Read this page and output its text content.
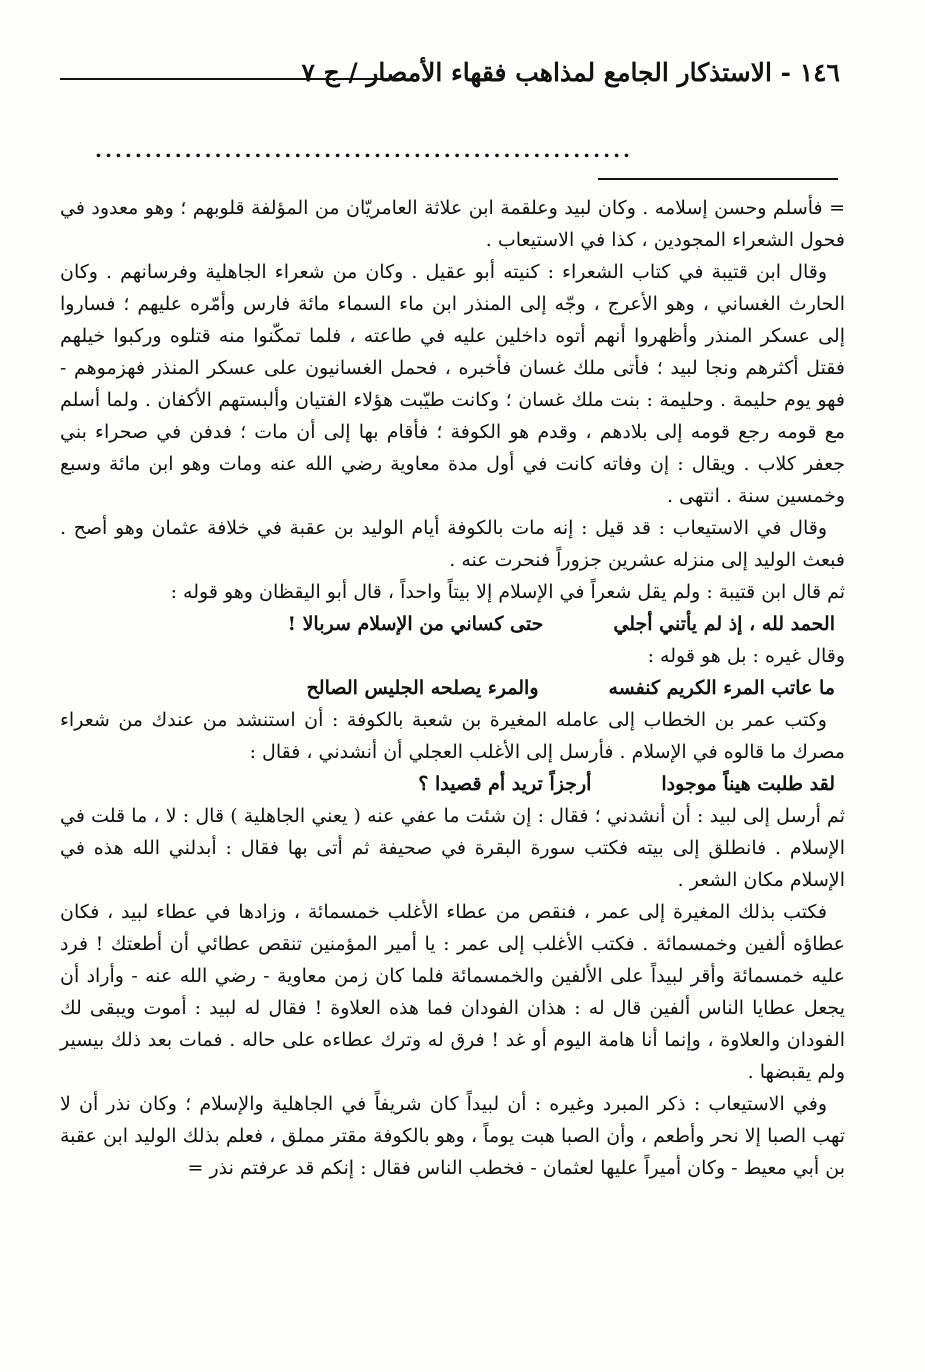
١٤٦ - الاستذكار الجامع لمذاهب فقهاء الأمصار / ج ٧
......................................................

= فأسلم وحسن إسلامه . وكان لبيد وعلقمة ابن علاثة العامريّان من المؤلفة قلوبهم ؛ وهو معدود في فحول الشعراء المجودين ، كذا في الاستيعاب .

وقال ابن قتيبة في كتاب الشعراء : كنيته أبو عقيل . وكان من شعراء الجاهلية وفرسانهم . وكان الحارث الغساني ، وهو الأعرج ، وجّه إلى المنذر ابن ماء السماء مائة فارس وأمّره عليهم ؛ فساروا إلى عسكر المنذر وأظهروا أنهم أتوه داخلين عليه في طاعته ، فلما تمكّنوا منه قتلوه وركبوا خيلهم فقتل أكثرهم ونجا لبيد ؛ فأتى ملك غسان فأخبره ، فحمل الغسانيون على عسكر المنذر فهزموهم - فهو يوم حليمة . وحليمة : بنت ملك غسان ؛ وكانت طيّبت هؤلاء الفتيان وألبستهم الأكفان . ولما أسلم مع قومه رجع قومه إلى بلادهم ، وقدم هو الكوفة ؛ فأقام بها إلى أن مات ؛ فدفن في صحراء بني جعفر كلاب . ويقال : إن وفاته كانت في أول مدة معاوية رضي الله عنه ومات وهو ابن مائة وسبع وخمسين سنة . انتهى .

وقال في الاستيعاب : قد قيل : إنه مات بالكوفة أيام الوليد بن عقبة في خلافة عثمان وهو أصح . فبعث الوليد إلى منزله عشرين جزوراً فنحرت عنه .

ثم قال ابن قتيبة : ولم يقل شعراً في الإسلام إلا بيتاً واحداً ، قال أبو اليقظان وهو قوله :

الحمد لله ، إذ لم يأتني أجلي
حتى كساني من الإسلام سربالا !

وقال غيره : بل هو قوله :

ما عاتب المرء الكريم كنفسه
والمرء يصلحه الجليس الصالح

وكتب عمر بن الخطاب إلى عامله المغيرة بن شعبة بالكوفة : أن استنشد من عندك من شعراء مصرك ما قالوه في الإسلام . فأرسل إلى الأغلب العجلي أن أنشدني ، فقال :

لقد طلبت هيناً موجودا
أرجزاً تريد أم قصيدا ؟

ثم أرسل إلى لبيد : أن أنشدني ؛ فقال : إن شئت ما عفي عنه ( يعني الجاهلية ) قال : لا ، ما قلت في الإسلام . فانطلق إلى بيته فكتب سورة البقرة في صحيفة ثم أتى بها فقال : أبدلني الله هذه في الإسلام مكان الشعر .

فكتب بذلك المغيرة إلى عمر ، فنقص من عطاء الأغلب خمسمائة ، وزادها في عطاء لبيد ، فكان عطاؤه ألفين وخمسمائة . فكتب الأغلب إلى عمر : يا أمير المؤمنين تنقص عطائي أن أطعتك ! فرد عليه خمسمائة وأقر لبيداً على الألفين والخمسمائة فلما كان زمن معاوية - رضي الله عنه - وأراد أن يجعل عطايا الناس ألفين قال له : هذان الفودان فما هذه العلاوة ! فقال له لبيد : أموت ويبقى لك الفودان والعلاوة ، وإنما أنا هامة اليوم أو غد ! فرق له وترك عطاءه على حاله . فمات بعد ذلك بيسير ولم يقبضها .

وفي الاستيعاب : ذكر المبرد وغيره : أن لبيداً كان شريفاً في الجاهلية والإسلام ؛ وكان نذر أن لا تهب الصبا إلا نحر وأطعم ، وأن الصبا هبت يوماً ، وهو بالكوفة مقتر مملق ، فعلم بذلك الوليد ابن عقبة بن أبي معيط - وكان أميراً عليها لعثمان - فخطب الناس فقال : إنكم قد عرفتم نذر =
